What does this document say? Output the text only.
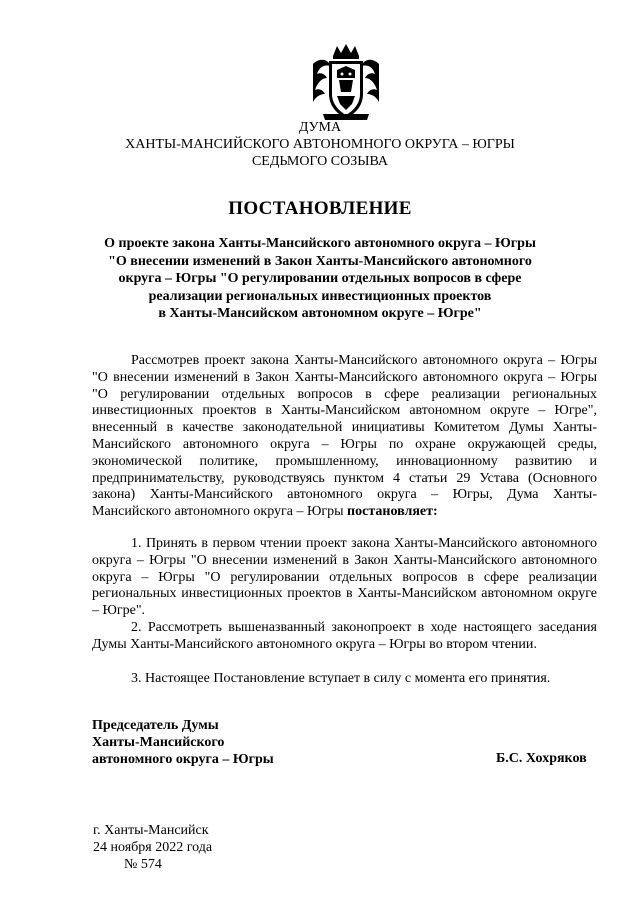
ДУМА
ХАНТЫ-МАНСИЙСКОГО АВТОНОМНОГО ОКРУГА – ЮГРЫ
СЕДЬМОГО СОЗЫВА
ПОСТАНОВЛЕНИЕ
О проекте закона Ханты-Мансийского автономного округа – Югры
"О внесении изменений в Закон Ханты-Мансийского автономного
округа – Югры "О регулировании отдельных вопросов в сфере
реализации региональных инвестиционных проектов
в Ханты-Мансийском автономном округе – Югре"

Рассмотрев проект закона Ханты-Мансийского автономного округа – Югры "О внесении изменений в Закон Ханты-Мансийского автономного округа – Югры "О регулировании отдельных вопросов в сфере реализации региональных инвестиционных проектов в Ханты-Мансийском автономном округе – Югре", внесенный в качестве законодательной инициативы Комитетом Думы Ханты-Мансийского автономного округа – Югры по охране окружающей среды, экономической политике, промышленному, инновационному развитию и предпринимательству, руководствуясь пунктом 4 статьи 29 Устава (Основного закона) Ханты-Мансийского автономного округа – Югры, Дума Ханты-Мансийского автономного округа – Югры постановляет:

1. Принять в первом чтении проект закона Ханты-Мансийского автономного округа – Югры "О внесении изменений в Закон Ханты-Мансийского автономного округа – Югры "О регулировании отдельных вопросов в сфере реализации региональных инвестиционных проектов в Ханты-Мансийском автономном округе – Югре".

2. Рассмотреть вышеназванный законопроект в ходе настоящего заседания Думы Ханты-Мансийского автономного округа – Югры во втором чтении.

3. Настоящее Постановление вступает в силу с момента его принятия.

Председатель Думы
Ханты-Мансийского
автономного округа – Югры	Б.С. Хохряков
г. Ханты-Мансийск
24 ноября 2022 года
№ 574
